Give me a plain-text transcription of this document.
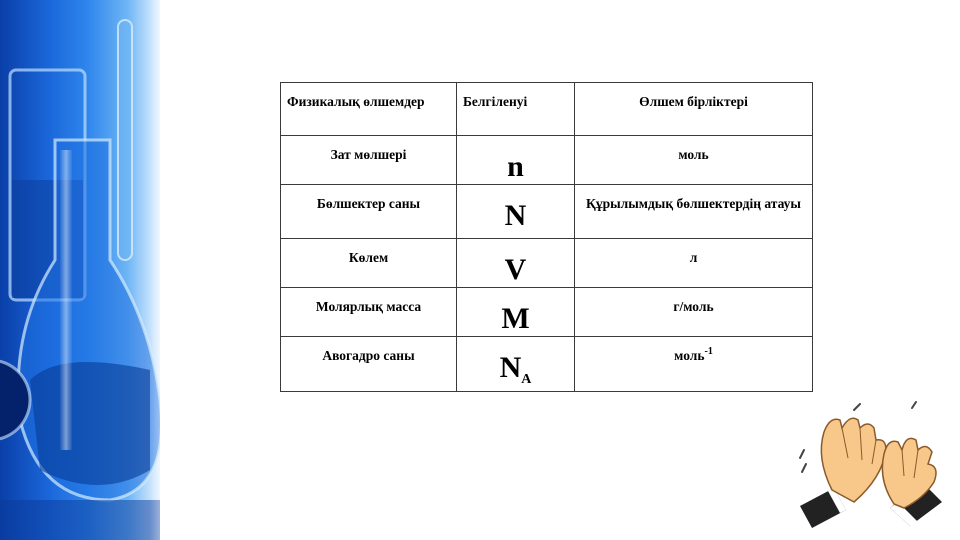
Физикалық өлшемдер	Белгіленуі	Өлшем бірліктері

Зат мөлшері	n	моль

Бөлшектер саны	N	Құрылымдық бөлшектердің атауы

Көлем	V	л

Молярлық масса	M	г/моль

Авогадро саны	$N_A$	моль$^{-1}$
